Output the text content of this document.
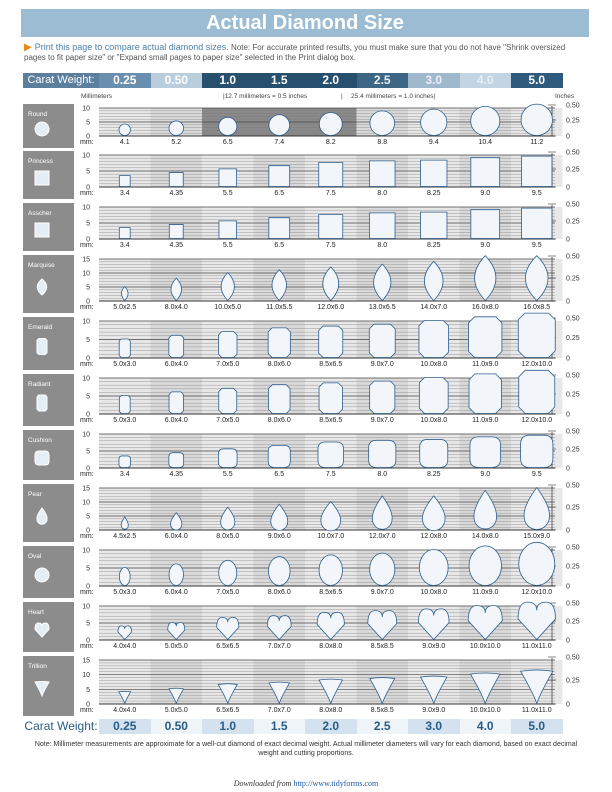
Actual Diamond Size
▶ Print this page to compare actual diamond sizes. Note: For accurate printed results, you must make sure that you do not have "Shrink oversized pages to fit paper size" or "Expand small pages to paper size" selected in the Print dialog box.
Carat Weight:	0.25	0.50	1.0	1.5	2.0	2.5	3.0	4.0	5.0
Millimeters	|12.7 millimeters = 0.5 inches	| 25.4 millimeters = 1.0 inches|	Inches
Round
0
5
10	0.50
0.25
0
4.1	5.2	6.5	7.4	8.2	8.8	9.4	10.4	11.2
mm:
Princess
0
5
10	0.50
0.25
0
3.4	4.35	5.5	6.5	7.5	8.0	8.25	9.0	9.5
mm:
Asscher
0
5
10	0.50
0.25
0
3.4	4.35	5.5	6.5	7.5	8.0	8.25	9.0	9.5
mm:
Marquise
0
5
10
15	0.50
0.25
0
5.0x2.5	8.0x4.0	10.0x5.0	11.0x5.5	12.0x6.0	13.0x6.5	14.0x7.0	16.0x8.0	16.0x8.5
mm:
Emerald
0
5
10	0.50
0.25
0
5.0x3.0	6.0x4.0	7.0x5.0	8.0x6.0	8.5x6.5	9.0x7.0	10.0x8.0	11.0x9.0	12.0x10.0
mm:
Radiant
0
5
10	0.50
0.25
0
5.0x3.0	6.0x4.0	7.0x5.0	8.0x6.0	8.5x6.5	9.0x7.0	10.0x8.0	11.0x9.0	12.0x10.0
mm:
Cushion
0
5
10	0.50
0.25
0
3.4	4.35	5.5	6.5	7.5	8.0	8.25	9.0	9.5
mm:
Pear
0
5
10
15	0.50
0.25
0
4.5x2.5	6.0x4.0	8.0x5.0	9.0x6.0	10.0x7.0	12.0x7.0	12.0x8.0	14.0x8.0	15.0x9.0
mm:
Oval
0
5
10	0.50
0.25
0
5.0x3.0	6.0x4.0	7.0x5.0	8.0x6.0	8.5x6.5	9.0x7.0	10.0x8.0	11.0x9.0	12.0x10.0
mm:
Heart
0
5
10	0.50
0.25
0
4.0x4.0	5.0x5.0	6.5x6.5	7.0x7.0	8.0x8.0	8.5x8.5	9.0x9.0	10.0x10.0	11.0x11.0
mm:
Trillion
0
5
10
15	0.50
0.25
0
4.0x4.0	5.0x5.0	6.5x6.5	7.0x7.0	8.0x8.0	8.5x8.5	9.0x9.0	10.0x10.0	11.0x11.0
mm:
Carat Weight:	0.25	0.50	1.0	1.5	2.0	2.5	3.0	4.0	5.0
Note: Millimeter measurements are approximate for a well-cut diamond of exact decimal weight. Actual millimeter diameters will vary for each diamond, based on exact decimal weight and cutting proportions.
Downloaded from http://www.tidyforms.com
